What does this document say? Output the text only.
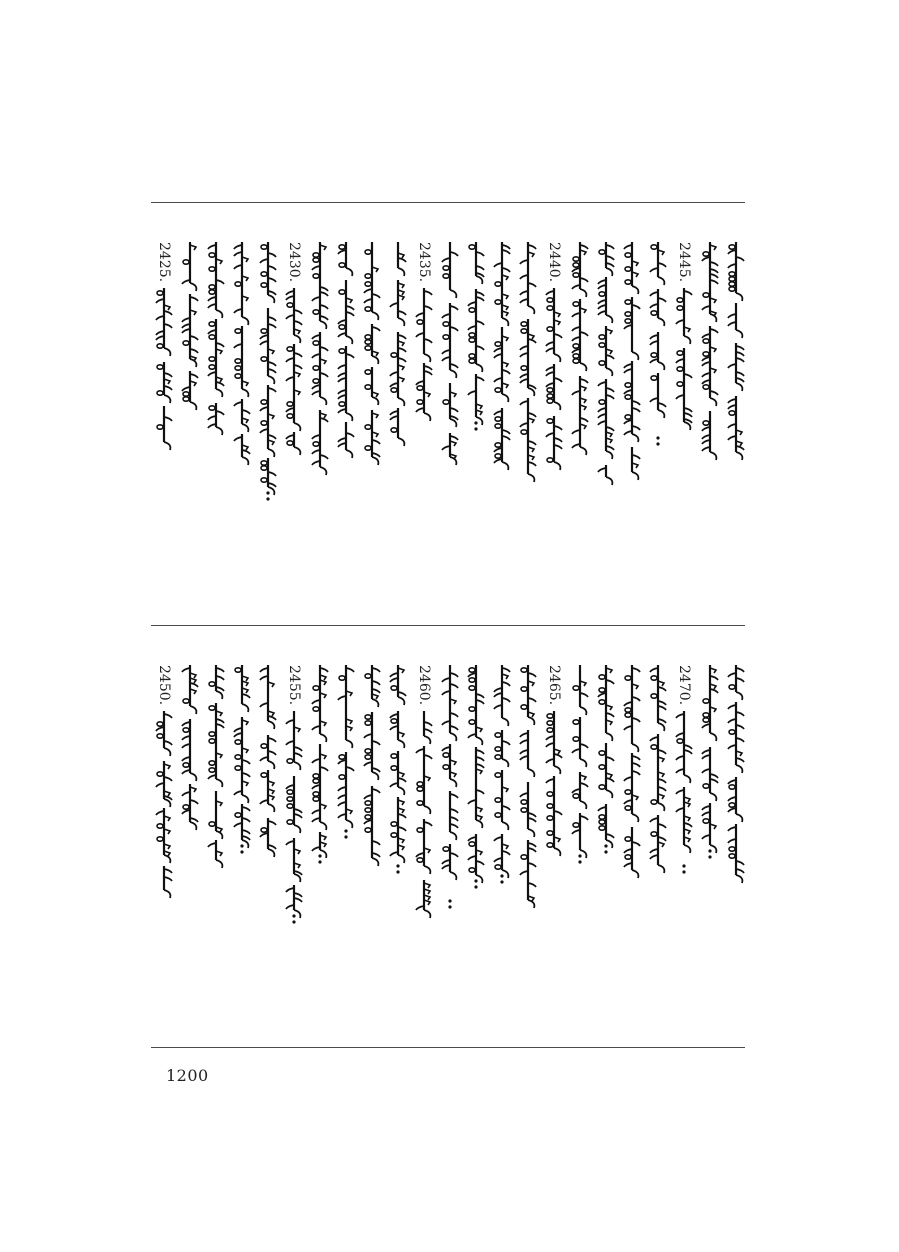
2445.
2440.
2435.
2430.
2425.
2470.
2465.
2460.
2455.
2450.
1200
